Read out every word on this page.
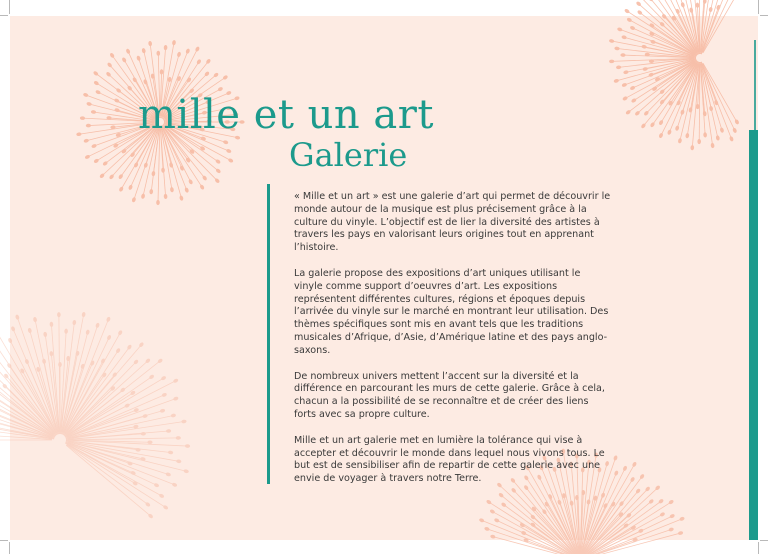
mille et un art
Galerie

« Mille et un art » est une galerie d’art qui permet de découvrir le monde autour de la musique est plus précisement grâce à la culture du vinyle. L’objectif est de lier la diversité des artistes à travers les pays en valorisant leurs origines tout en apprenant l’histoire.

La galerie propose des expositions d’art uniques utilisant le vinyle comme support d’oeuvres d’art. Les expositions représentent différentes cultures, régions et époques depuis l’arrivée du vinyle sur le marché en montrant leur utilisation. Des thèmes spécifiques sont mis en avant tels que les traditions musicales d’Afrique, d’Asie, d’Amérique latine et des pays anglo-saxons.

De nombreux univers mettent l’accent sur la diversité et la différence en parcourant les murs de cette galerie. Grâce à cela, chacun a la possibilité de se reconnaître et de créer des liens forts avec sa propre culture.

Mille et un art galerie met en lumière la tolérance qui vise à accepter et découvrir le monde dans lequel nous vivons tous. Le but est de sensibiliser afin de repartir de cette galerie avec une envie de voyager à travers notre Terre.
